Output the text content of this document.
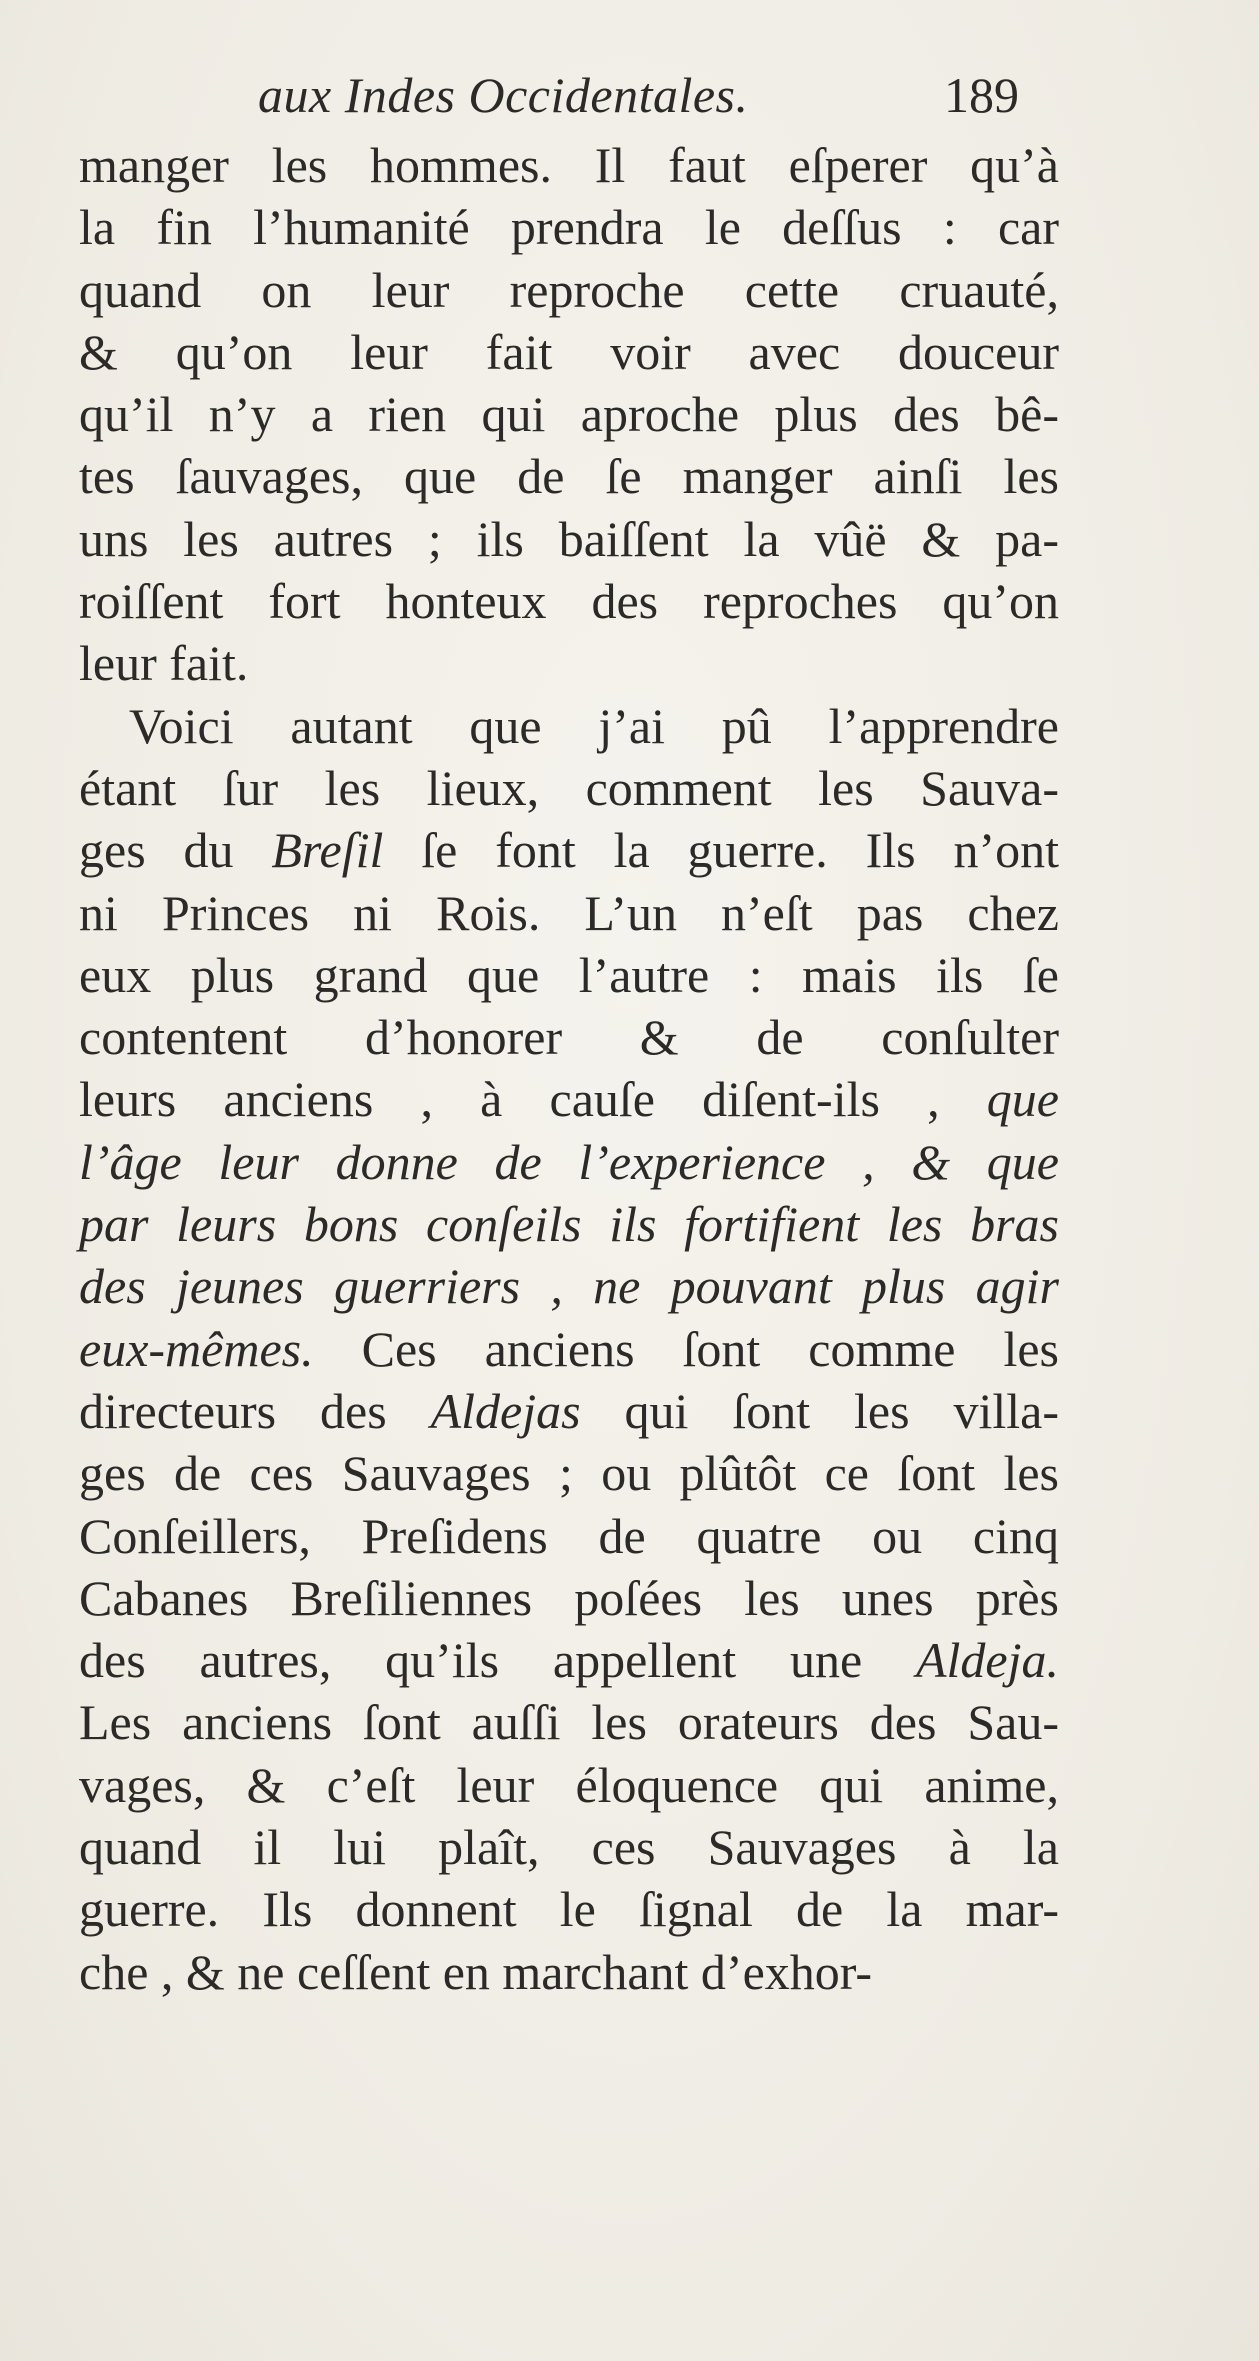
aux Indes Occidentales.	189
manger les hommes. Il faut eſperer qu’à
la fin l’humanité prendra le deſſus : car
quand on leur reproche cette cruauté,
& qu’on leur fait voir avec douceur
qu’il n’y a rien qui aproche plus des bê-
tes ſauvages, que de ſe manger ainſi les
uns les autres ; ils baiſſent la vûë & pa-
roiſſent fort honteux des reproches qu’on
leur fait.
Voici autant que j’ai pû l’apprendre
étant ſur les lieux, comment les Sauva-
ges du Breſil ſe font la guerre. Ils n’ont
ni Princes ni Rois. L’un n’eſt pas chez
eux plus grand que l’autre : mais ils ſe
contentent d’honorer & de conſulter
leurs anciens , à cauſe diſent-ils , que
l’âge leur donne de l’experience , & que
par leurs bons conſeils ils fortifient les bras
des jeunes guerriers , ne pouvant plus agir
eux-mêmes. Ces anciens ſont comme les
directeurs des Aldejas qui ſont les villa-
ges de ces Sauvages ; ou plûtôt ce ſont les
Conſeillers, Preſidens de quatre ou cinq
Cabanes Breſiliennes poſées les unes près
des autres, qu’ils appellent une Aldeja.
Les anciens ſont auſſi les orateurs des Sau-
vages, & c’eſt leur éloquence qui anime,
quand il lui plaît, ces Sauvages à la
guerre. Ils donnent le ſignal de la mar-
che , & ne ceſſent en marchant d’exhor-
